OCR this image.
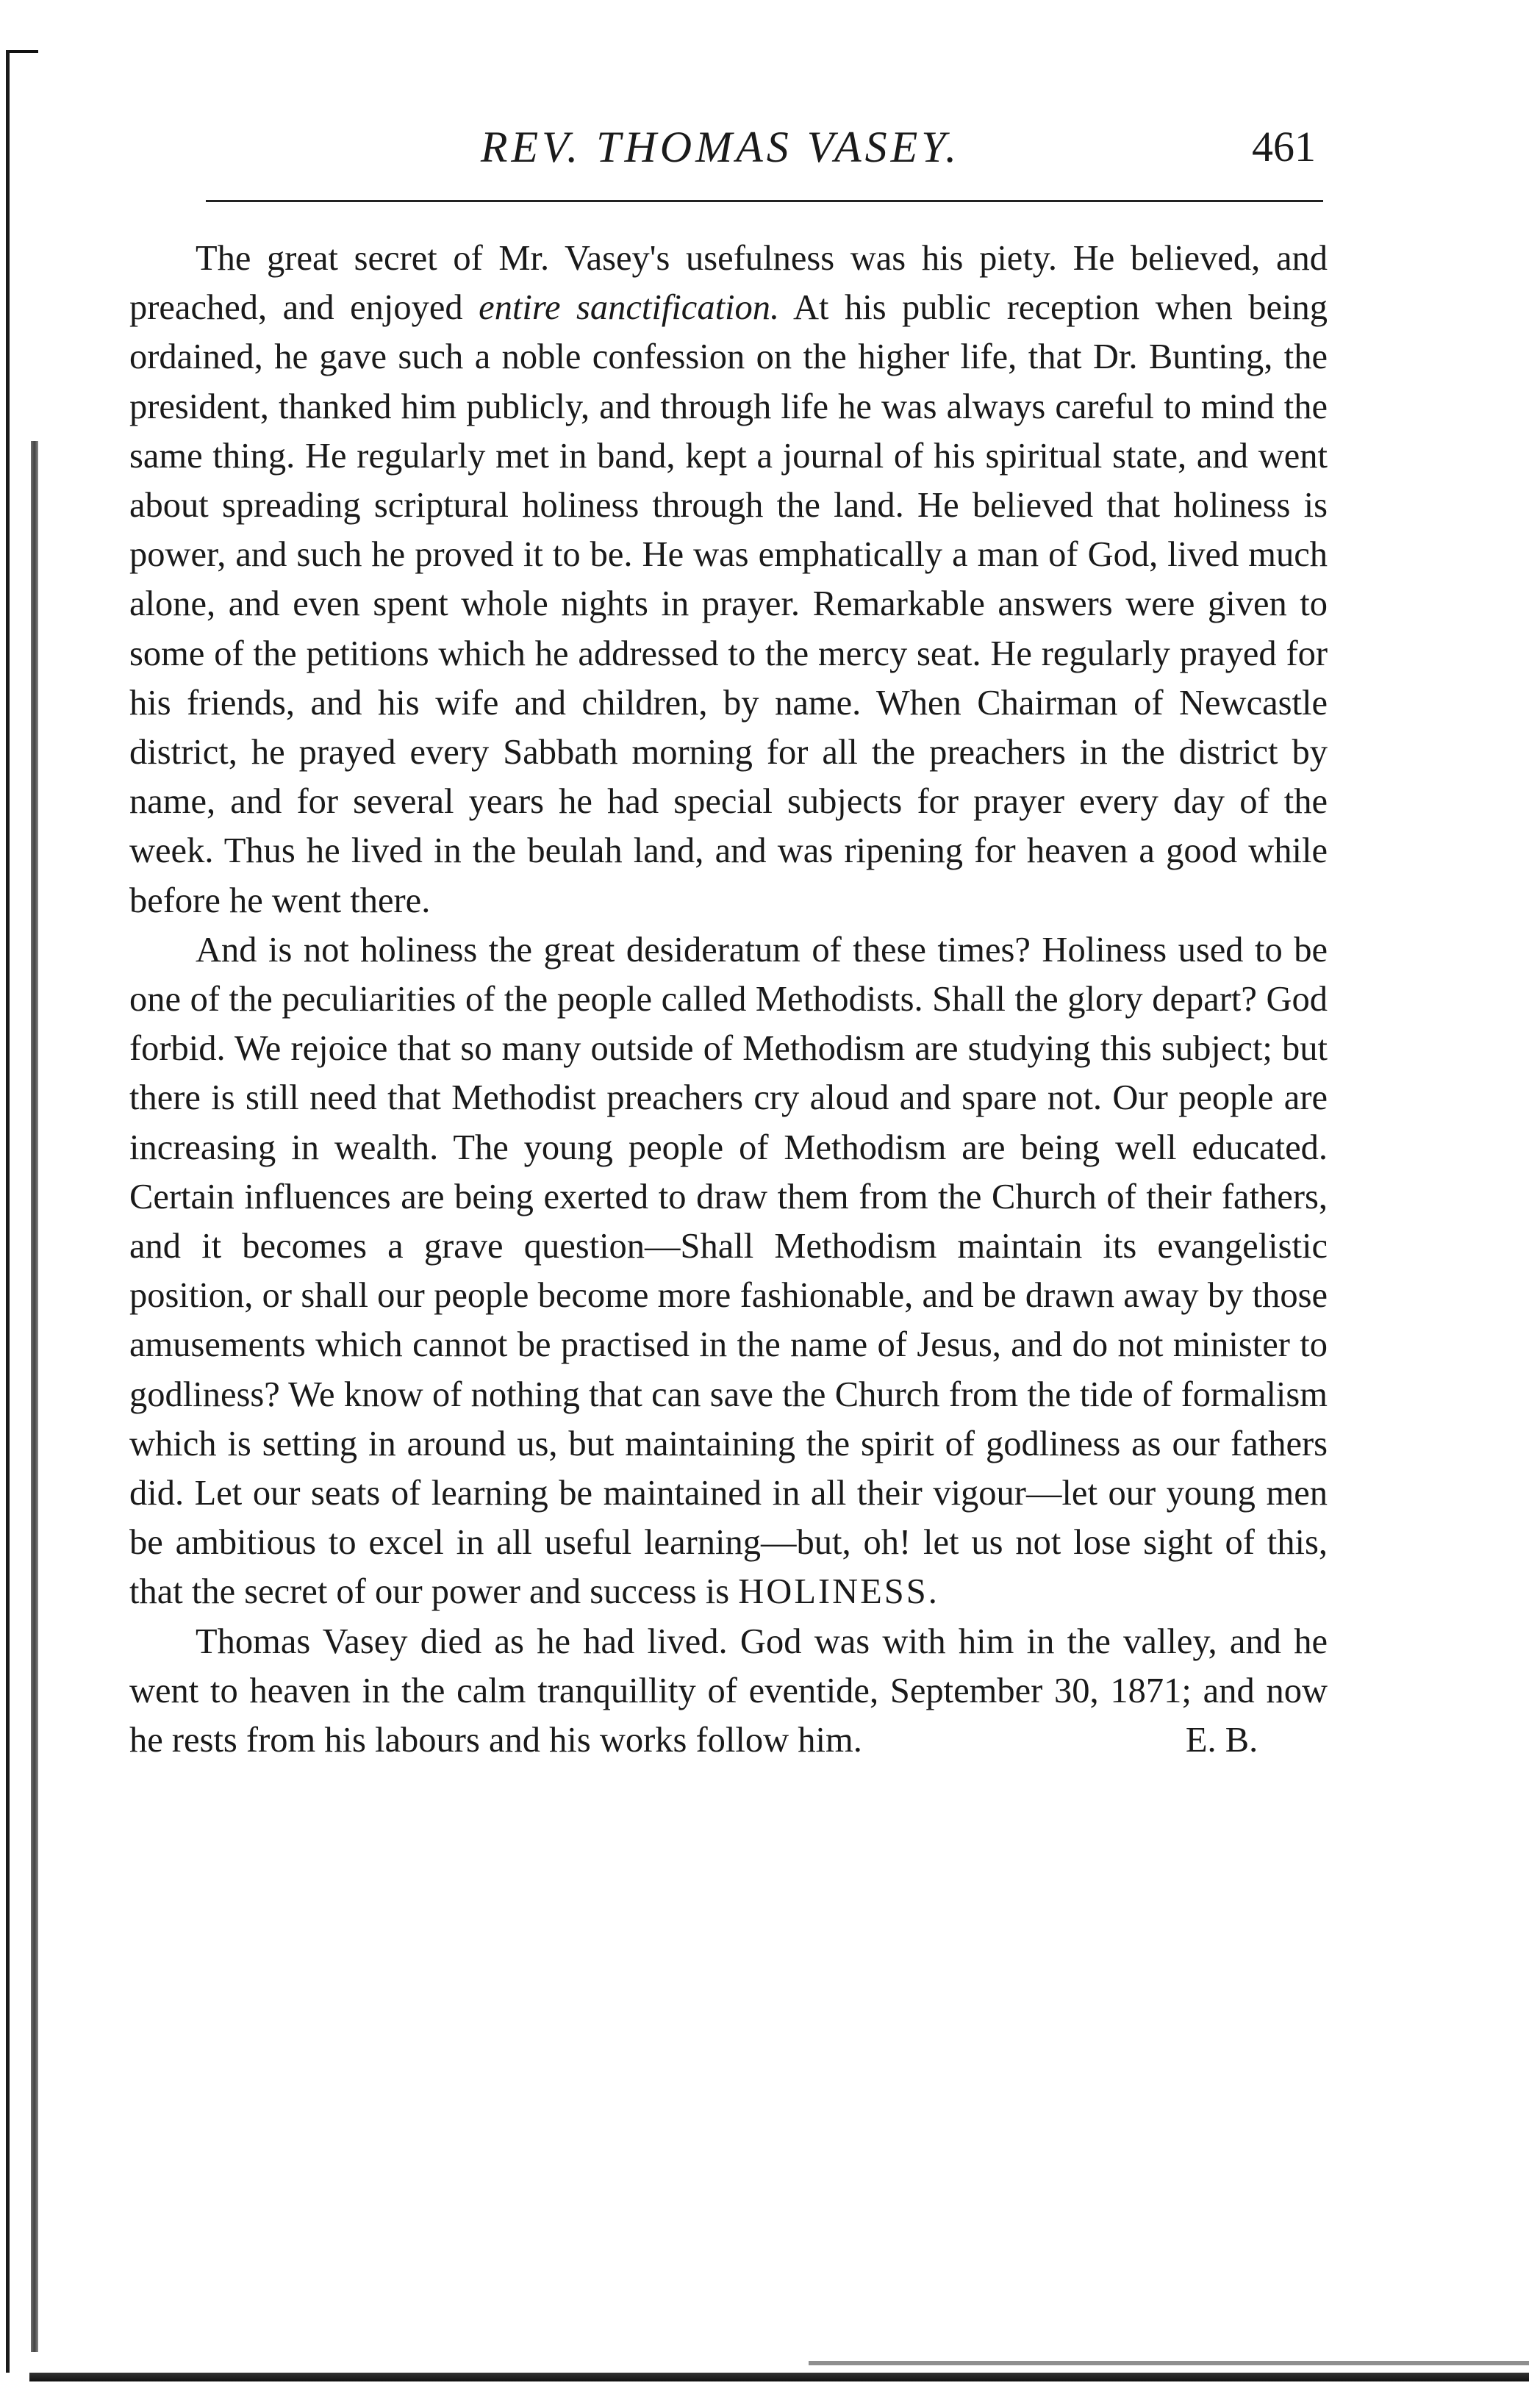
REV. THOMAS VASEY.	461

The great secret of Mr. Vasey's usefulness was his piety. He believed, and preached, and enjoyed entire sanctification. At his public reception when being ordained, he gave such a noble confession on the higher life, that Dr. Bunting, the president, thanked him publicly, and through life he was always careful to mind the same thing. He regularly met in band, kept a journal of his spiritual state, and went about spreading scriptural holiness through the land. He believed that holiness is power, and such he proved it to be. He was emphatically a man of God, lived much alone, and even spent whole nights in prayer. Remarkable answers were given to some of the petitions which he addressed to the mercy seat. He regularly prayed for his friends, and his wife and children, by name. When Chairman of Newcastle district, he prayed every Sabbath morning for all the preachers in the district by name, and for several years he had special subjects for prayer every day of the week. Thus he lived in the beulah land, and was ripening for heaven a good while before he went there.

And is not holiness the great desideratum of these times? Holiness used to be one of the peculiarities of the people called Methodists. Shall the glory depart? God forbid. We rejoice that so many outside of Methodism are studying this subject; but there is still need that Methodist preachers cry aloud and spare not. Our people are increasing in wealth. The young people of Methodism are being well educated. Certain influences are being exerted to draw them from the Church of their fathers, and it becomes a grave question—Shall Methodism maintain its evangelistic position, or shall our people become more fashionable, and be drawn away by those amusements which cannot be practised in the name of Jesus, and do not minister to godliness? We know of nothing that can save the Church from the tide of formalism which is setting in around us, but maintaining the spirit of godliness as our fathers did. Let our seats of learning be maintained in all their vigour—let our young men be ambitious to excel in all useful learning—but, oh! let us not lose sight of this, that the secret of our power and success is HOLINESS.

Thomas Vasey died as he had lived. God was with him in the valley, and he went to heaven in the calm tranquillity of eventide, September 30, 1871; and now he rests from his labours and his works follow him.	E. B.
